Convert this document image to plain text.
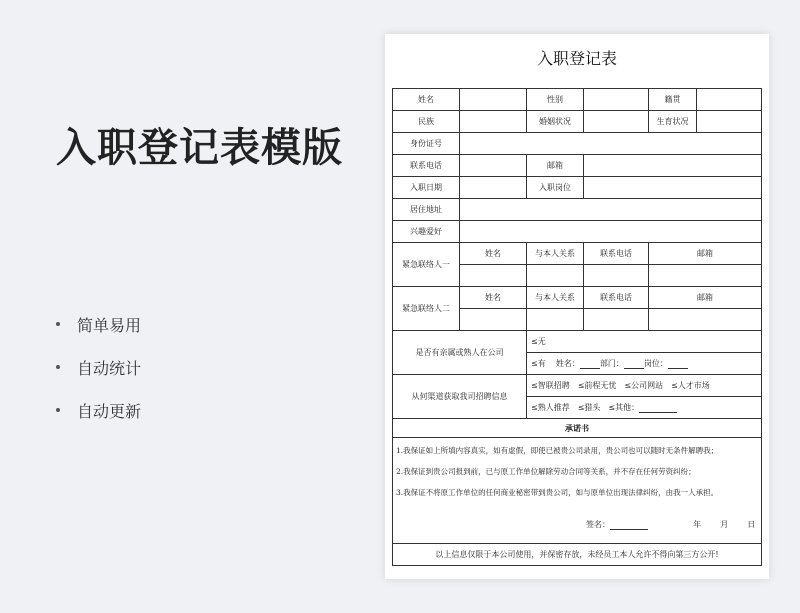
入职登记表模版
简单易用
自动统计
自动更新
入职登记表
姓名		性别		籍贯	
民族		婚姻状况		生育状况	
身份证号					
联系电话		邮箱			
入职日期		入职岗位			
居住地址					
兴趣爱好					
紧急联络人一	姓名	与本人关系	联系电话	邮箱	

紧急联络人二	姓名	与本人关系	联系电话	邮箱	

是否有亲属或熟人在公司		≤无			
		≤有 姓名： 部门： 岗位：			
从何渠道获取我司招聘信息		≤智联招聘　≤前程无忧　≤公司网站　≤人才市场			
		≤熟人推荐　≤猎头　≤其他：			
承诺书					

1.我保证如上所填内容真实，如有虚假，即使已被贵公司录用，贵公司也可以随时无条件解聘我；
2.我保证到贵公司报到前，已与原工作单位解除劳动合同等关系，并不存在任何劳资纠纷；
3.我保证不将原工作单位的任何商业秘密带到贵公司，如与原单位出现法律纠纷，由我一人承担。
签名： 年 月 日					

以上信息仅限于本公司使用，并保密存放，未经员工本人允许不得向第三方公开!					
